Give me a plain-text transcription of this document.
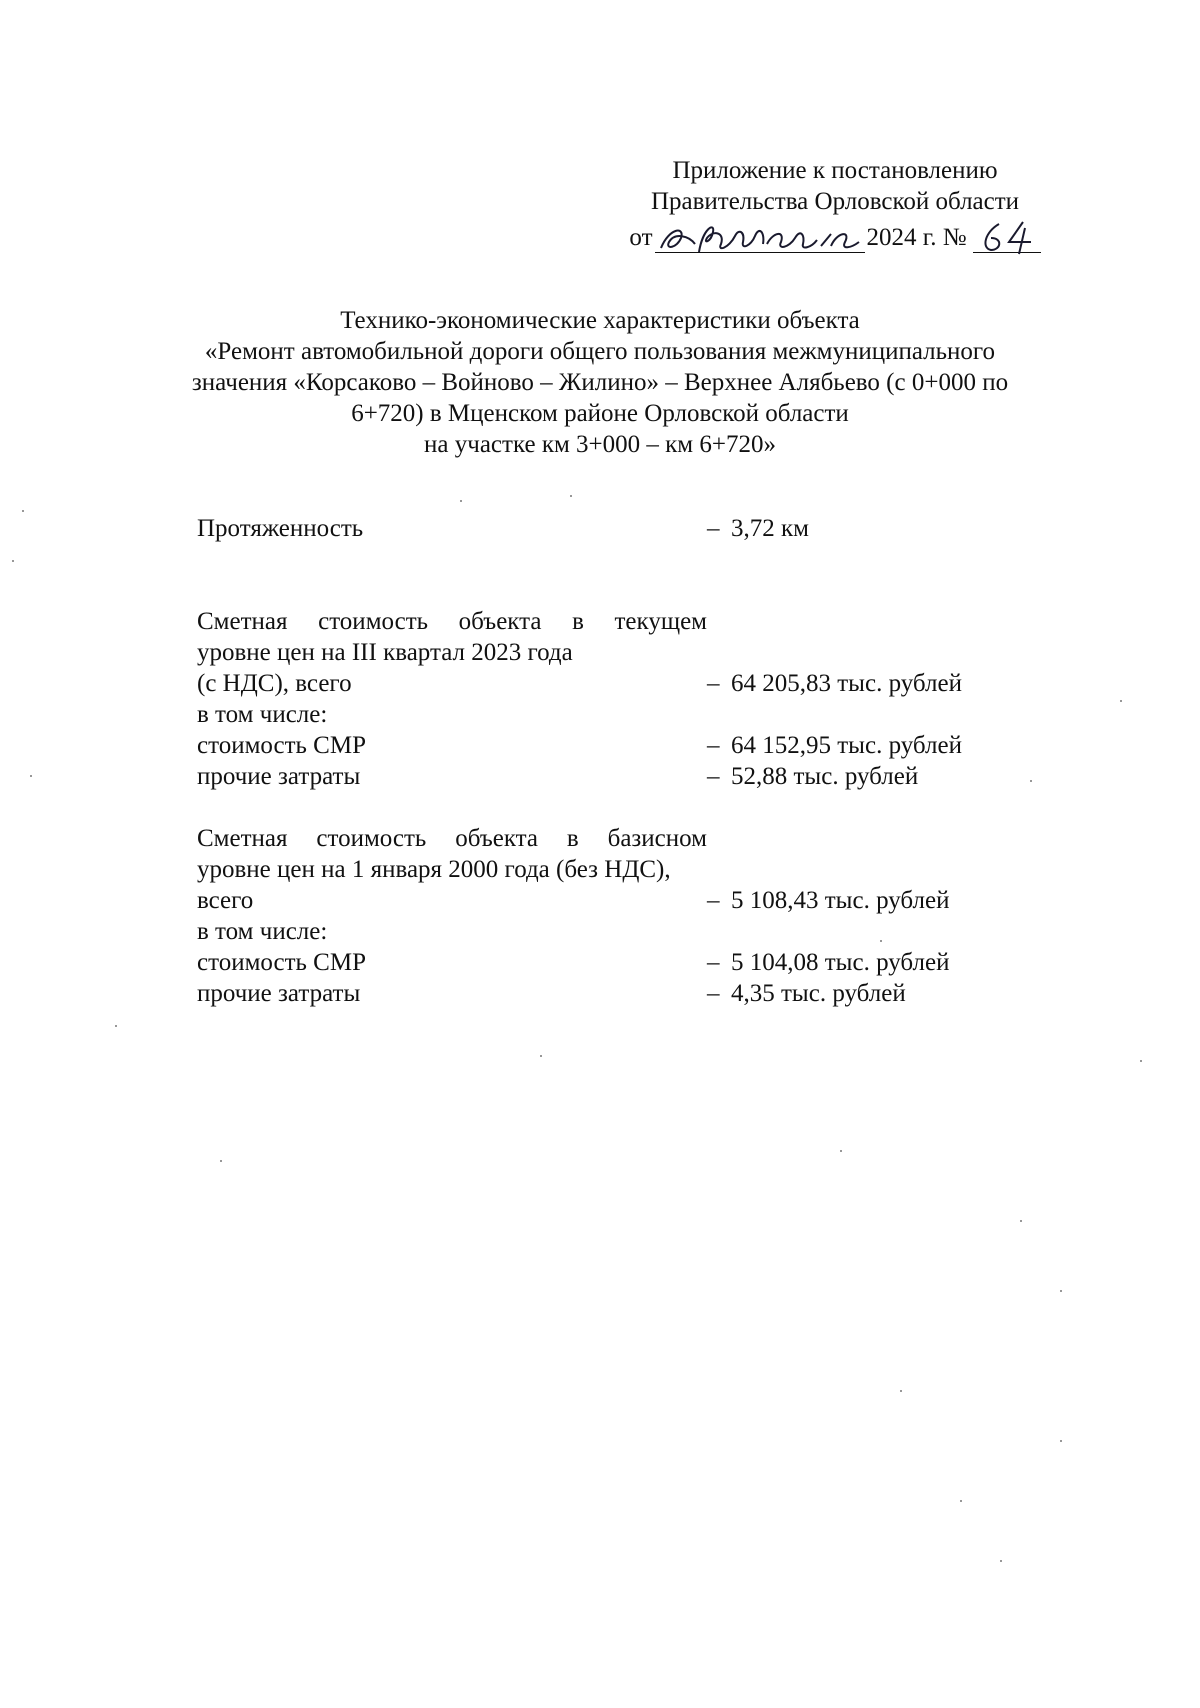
Приложение к постановлению
Правительства Орловской области
от	2024 г. №
Технико-экономические характеристики объекта
«Ремонт автомобильной дороги общего пользования межмуниципального
значения «Корсаково – Войново – Жилино» – Верхнее Алябьево (с 0+000 по
6+720) в Мценском районе Орловской области
на участке км 3+000 – км 6+720»
Протяженность	– 3,72 км
Сметная стоимость объекта в текущем
уровне цен на III квартал 2023 года
(с НДС), всего	– 64 205,83 тыс. рублей
в том числе:
стоимость СМР	– 64 152,95 тыс. рублей
прочие затраты	– 52,88 тыс. рублей
Сметная стоимость объекта в базисном
уровне цен на 1 января 2000 года (без НДС),
всего	– 5 108,43 тыс. рублей
в том числе:
стоимость СМР	– 5 104,08 тыс. рублей
прочие затраты	– 4,35 тыс. рублей
